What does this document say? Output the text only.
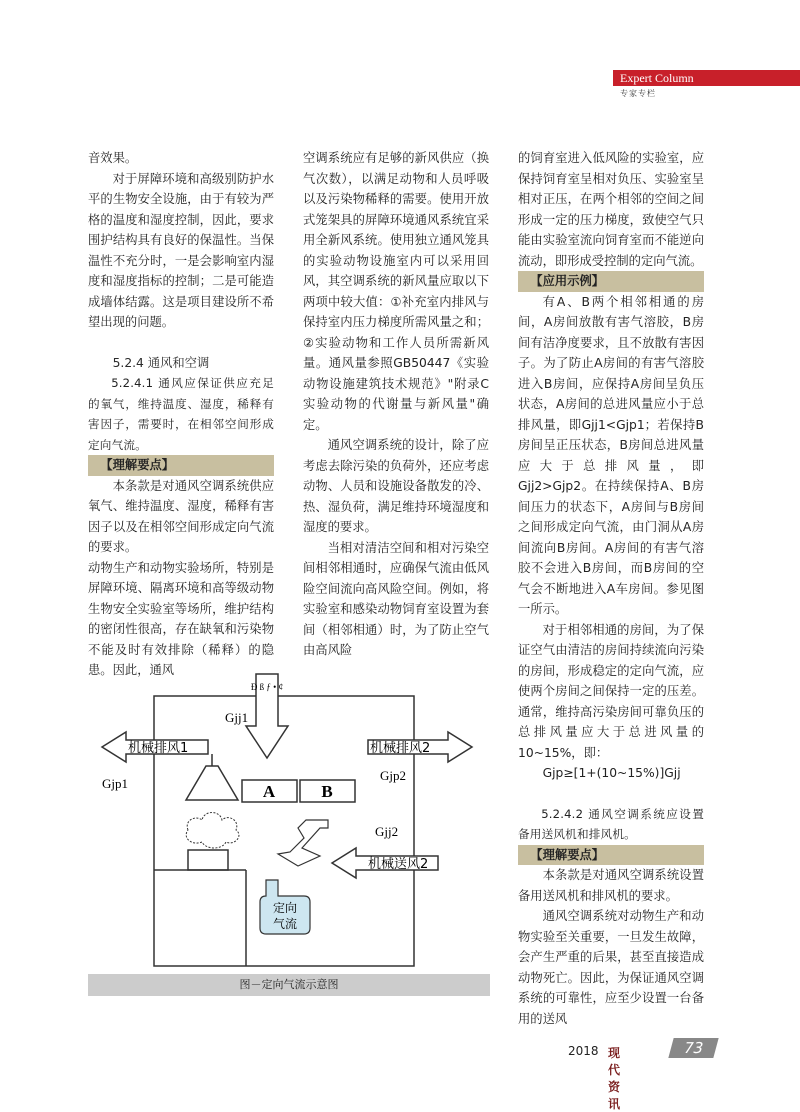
Expert Column
专家专栏

音效果。

对于屏障环境和高级别防护水平的生物安全设施，由于有较为严格的温度和湿度控制，因此，要求围护结构具有良好的保温性。当保温性不充分时，一是会影响室内湿度和湿度指标的控制；二是可能造成墙体结露。这是项目建设所不希望出现的问题。

5.2.4 通风和空调

5.2.4.1 通风应保证供应充足的氧气，维持温度、湿度，稀释有害因子，需要时，在相邻空间形成定向气流。

【理解要点】

本条款是对通风空调系统供应氧气、维持温度、湿度，稀释有害因子以及在相邻空间形成定向气流的要求。

动物生产和动物实验场所，特别是屏障环境、隔离环境和高等级动物生物安全实验室等场所，维护结构的密闭性很高，存在缺氧和污染物不能及时有效排除（稀释）的隐患。因此，通风

空调系统应有足够的新风供应（换气次数），以满足动物和人员呼吸以及污染物稀释的需要。使用开放式笼架具的屏障环境通风系统宜采用全新风系统。使用独立通风笼具的实验动物设施室内可以采用回风，其空调系统的新风量应取以下两项中较大值：①补充室内排风与保持室内压力梯度所需风量之和；②实验动物和工作人员所需新风量。通风量参照GB50447《实验动物设施建筑技术规范》"附录C 实验动物的代谢量与新风量"确定。

通风空调系统的设计，除了应考虑去除污染的负荷外，还应考虑动物、人员和设施设备散发的冷、热、湿负荷，满足维持环境湿度和湿度的要求。

当相对清洁空间和相对污染空间相邻相通时，应确保气流由低风险空间流向高风险空间。例如，将实验室和感染动物饲育室设置为套间（相邻相通）时，为了防止空气由高风险

的饲育室进入低风险的实验室，应保持饲育室呈相对负压、实验室呈相对正压，在两个相邻的空间之间形成一定的压力梯度，致使空气只能由实验室流向饲育室而不能逆向流动，即形成受控制的定向气流。

【应用示例】

有A、B两个相邻相通的房间，A房间放散有害气溶胶，B房间有洁净度要求，且不放散有害因子。为了防止A房间的有害气溶胶进入B房间，应保持A房间呈负压状态，A房间的总进风量应小于总排风量，即Gjj1<Gjp1；若保持B房间呈正压状态，B房间总进风量应大于总排风量，即Gjj2>Gjp2。在持续保持A、B房间压力的状态下，A房间与B房间之间形成定向气流，由门洞从A房间流向B房间。A房间的有害气溶胶不会进入B房间，而B房间的空气会不断地进入A车房间。参见图一所示。

对于相邻相通的房间，为了保证空气由清洁的房间持续流向污染的房间，形成稳定的定向气流，应使两个房间之间保持一定的压差。通常，维持高污染房间可靠负压的总排风量应大于总进风量的10~15%，即：

Gjp≥[1+(10~15%)]Gjj

5.2.4.2 通风空调系统应设置备用送风机和排风机。

【理解要点】

本条款是对通风空调系统设置备用送风机和排风机的要求。

通风空调系统对动物生产和动物实验至关重要，一旦发生故障，会产生严重的后果，甚至直接造成动物死亡。因此，为保证通风空调系统的可靠性，应至少设置一台备用的送风

Ð ß ƒ • ¢
Gjj1
机械排风1
Gjp1
机械排风2
Gjp2
A	B
Gjj2
机械送风2
定向
气流
图－定向气流示意图
2018 现代资讯
73
